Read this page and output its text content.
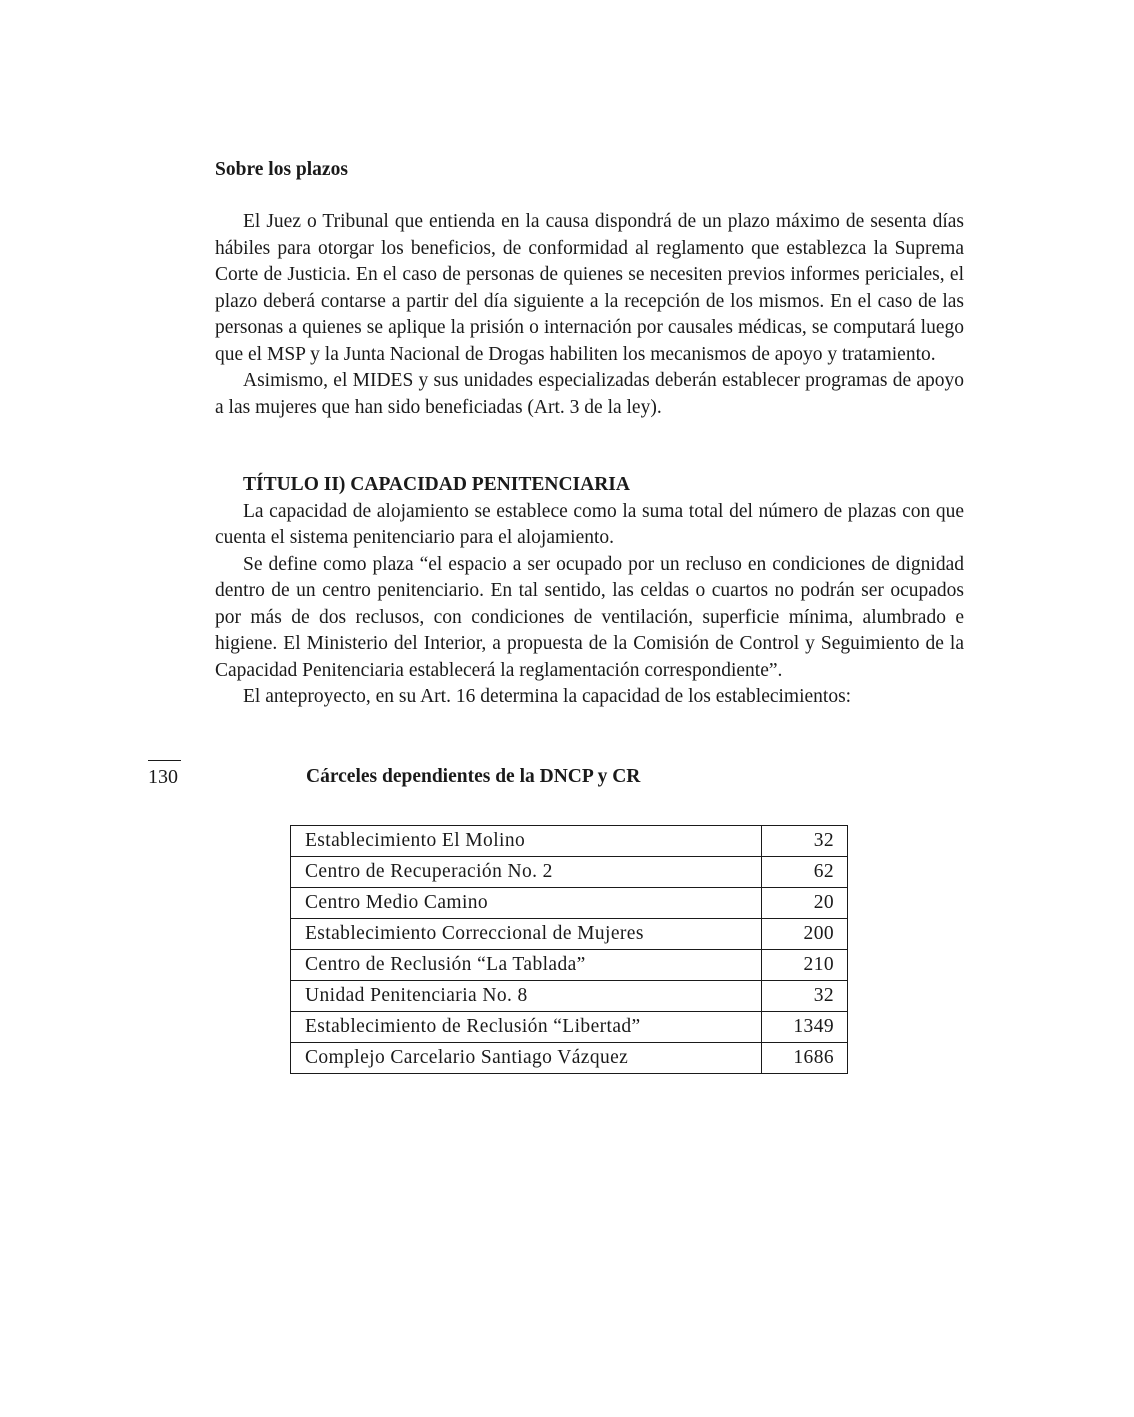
Sobre los plazos

El Juez o Tribunal que entienda en la causa dispondrá de un plazo máximo de sesenta días hábiles para otorgar los beneficios, de conformidad al reglamento que establezca la Suprema Corte de Justicia. En el caso de personas de quienes se necesiten previos informes periciales, el plazo deberá contarse a partir del día siguiente a la recepción de los mismos. En el caso de las personas a quienes se aplique la prisión o internación por causales médicas, se computará luego que el MSP y la Junta Nacional de Drogas habiliten los mecanismos de apoyo y tratamiento.

Asimismo, el MIDES y sus unidades especializadas deberán establecer programas de apoyo a las mujeres que han sido beneficiadas (Art. 3 de la ley).

TÍTULO II) CAPACIDAD PENITENCIARIA

La capacidad de alojamiento se establece como la suma total del número de plazas con que cuenta el sistema penitenciario para el alojamiento.

Se define como plaza “el espacio a ser ocupado por un recluso en condiciones de dignidad dentro de un centro penitenciario. En tal sentido, las celdas o cuartos no podrán ser ocupados por más de dos reclusos, con condiciones de ventilación, superficie mínima, alumbrado e higiene. El Ministerio del Interior, a propuesta de la Comisión de Control y Seguimiento de la Capacidad Penitenciaria establecerá la reglamentación correspondiente”.

El anteproyecto, en su Art. 16 determina la capacidad de los establecimientos:

130	Cárceles dependientes de la DNCP y CR
Establecimiento El Molino	32
Centro de Recuperación No. 2	62
Centro Medio Camino	20
Establecimiento Correccional de Mujeres	200
Centro de Reclusión “La Tablada”	210
Unidad Penitenciaria No. 8	32
Establecimiento de Reclusión “Libertad”	1349
Complejo Carcelario Santiago Vázquez	1686
